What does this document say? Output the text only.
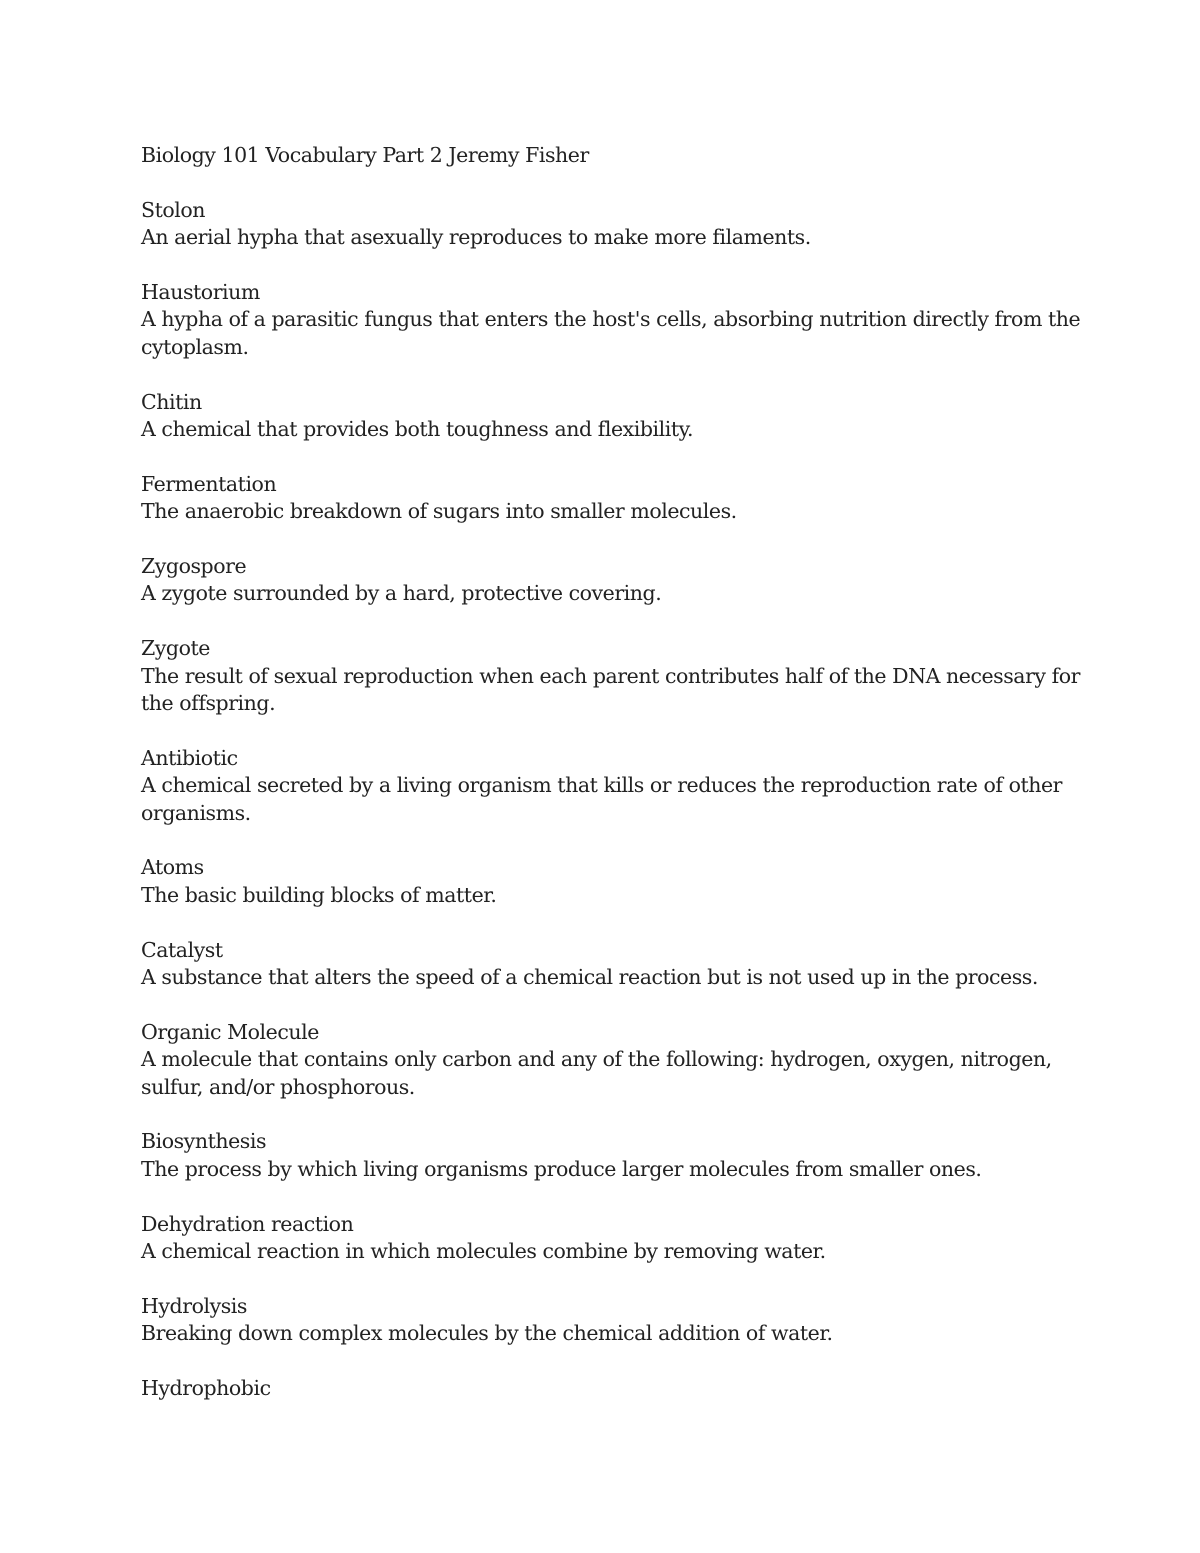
Biology 101 Vocabulary Part 2 Jeremy Fisher
Stolon
An aerial hypha that asexually reproduces to make more filaments.
Haustorium
A hypha of a parasitic fungus that enters the host's cells, absorbing nutrition directly from the cytoplasm.
Chitin
A chemical that provides both toughness and flexibility.
Fermentation
The anaerobic breakdown of sugars into smaller molecules.
Zygospore
A zygote surrounded by a hard, protective covering.
Zygote
The result of sexual reproduction when each parent contributes half of the DNA necessary for the offspring.
Antibiotic
A chemical secreted by a living organism that kills or reduces the reproduction rate of other organisms.
Atoms
The basic building blocks of matter.
Catalyst
A substance that alters the speed of a chemical reaction but is not used up in the process.
Organic Molecule
A molecule that contains only carbon and any of the following: hydrogen, oxygen, nitrogen, sulfur, and/or phosphorous.
Biosynthesis
The process by which living organisms produce larger molecules from smaller ones.
Dehydration reaction
A chemical reaction in which molecules combine by removing water.
Hydrolysis
Breaking down complex molecules by the chemical addition of water.
Hydrophobic
